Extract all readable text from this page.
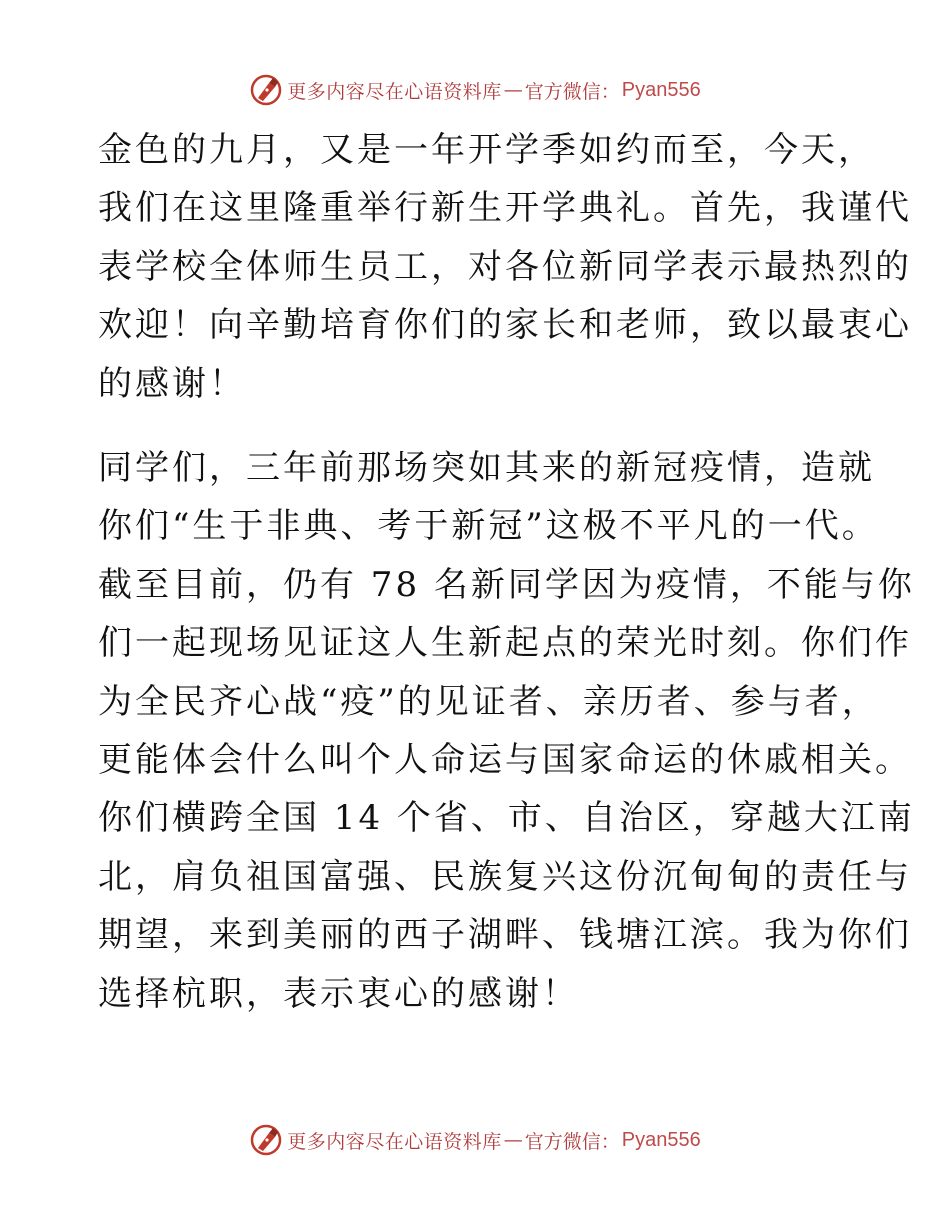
更多内容尽在心语资料库 — 官方微信： Pyan556

金色的九月，又是一年开学季如约而至，今天，
我们在这里隆重举行新生开学典礼。首先，我谨代
表学校全体师生员工，对各位新同学表示最热烈的
欢迎！向辛勤培育你们的家长和老师，致以最衷心
的感谢！

同学们，三年前那场突如其来的新冠疫情，造就
你们“生于非典、考于新冠”这极不平凡的一代。
截至目前，仍有 78 名新同学因为疫情，不能与你
们一起现场见证这人生新起点的荣光时刻。你们作
为全民齐心战“疫”的见证者、亲历者、参与者，
更能体会什么叫个人命运与国家命运的休戚相关。
你们横跨全国 14 个省、市、自治区，穿越大江南
北，肩负祖国富强、民族复兴这份沉甸甸的责任与
期望，来到美丽的西子湖畔、钱塘江滨。我为你们
选择杭职，表示衷心的感谢！

更多内容尽在心语资料库 — 官方微信： Pyan556
